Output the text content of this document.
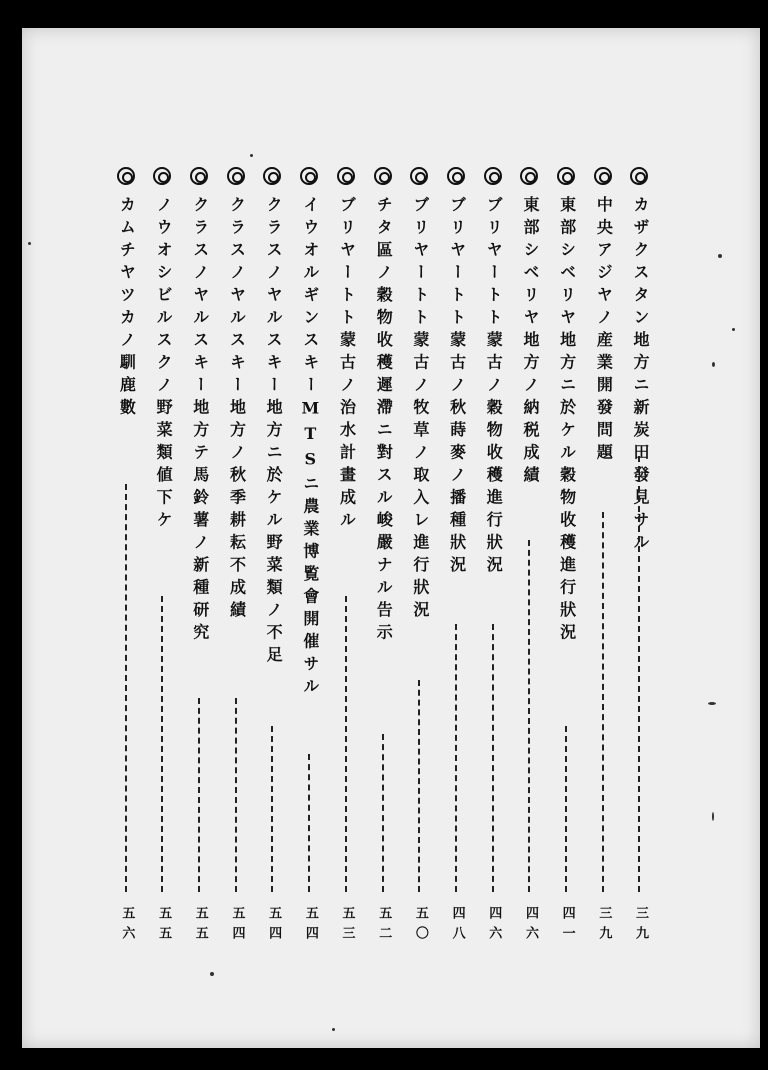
カザクスタン地方ニ新炭田發見サル
三九
中央アジヤノ産業開發問題
三九
東部シベリヤ地方ニ於ケル穀物收穫進行狀況
四一
東部シベリヤ地方ノ納税成績
四六
ブリヤートト蒙古ノ穀物收穫進行狀況
四六
ブリヤートト蒙古ノ秋蒔麥ノ播種狀況
四八
ブリヤートト蒙古ノ牧草ノ取入レ進行狀況
五〇
チタ區ノ穀物收穫遲滯ニ對スル峻嚴ナル告示
五二
ブリヤートト蒙古ノ治水計畫成ル
五三
イウオルギンスキーMTSニ農業博覧會開催サル
五四
クラスノヤルスキー地方ニ於ケル野菜類ノ不足
五四
クラスノヤルスキー地方ノ秋季耕耘不成績
五四
クラスノヤルスキー地方テ馬鈴薯ノ新種研究
五五
ノウオシビルスクノ野菜類値下ケ
五五
カムチヤツカノ馴鹿數
五六
